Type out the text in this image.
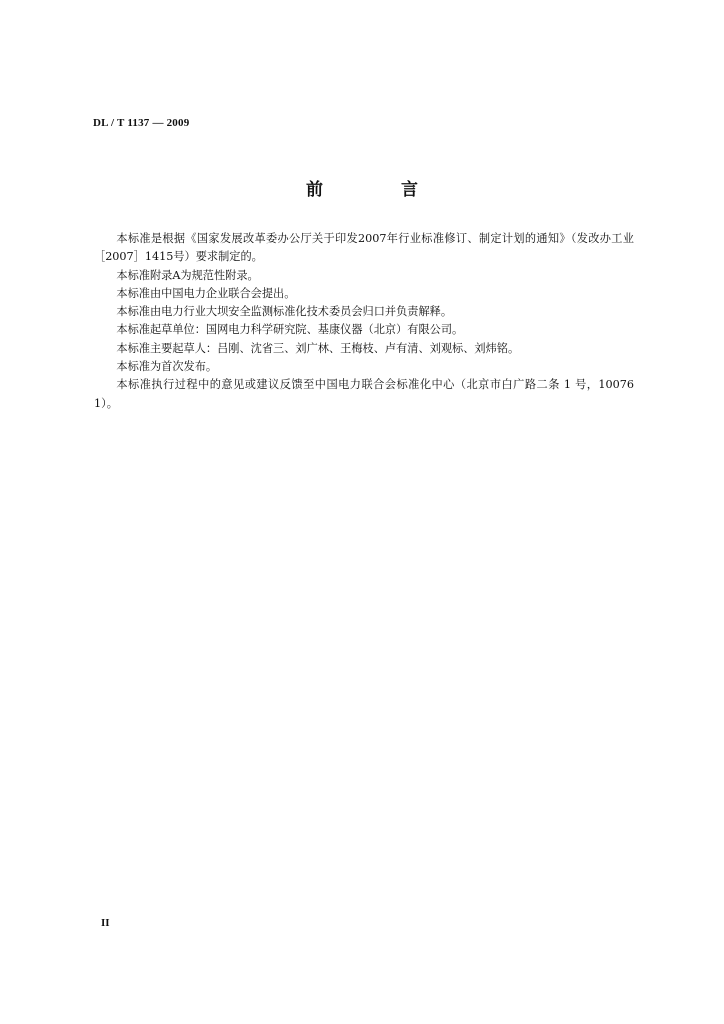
DL / T 1137 — 2009
前 言

本标准是根据《国家发展改革委办公厅关于印发2007年行业标准修订、制定计划的通知》（发改办工业［2007］1415号）要求制定的。

本标准附录A为规范性附录。

本标准由中国电力企业联合会提出。

本标准由电力行业大坝安全监测标准化技术委员会归口并负责解释。

本标准起草单位：国网电力科学研究院、基康仪器（北京）有限公司。

本标准主要起草人：吕刚、沈省三、刘广林、王梅枝、卢有清、刘观标、刘炜铭。

本标准为首次发布。

本标准执行过程中的意见或建议反馈至中国电力联合会标准化中心（北京市白广路二条 1 号，100761）。

II
